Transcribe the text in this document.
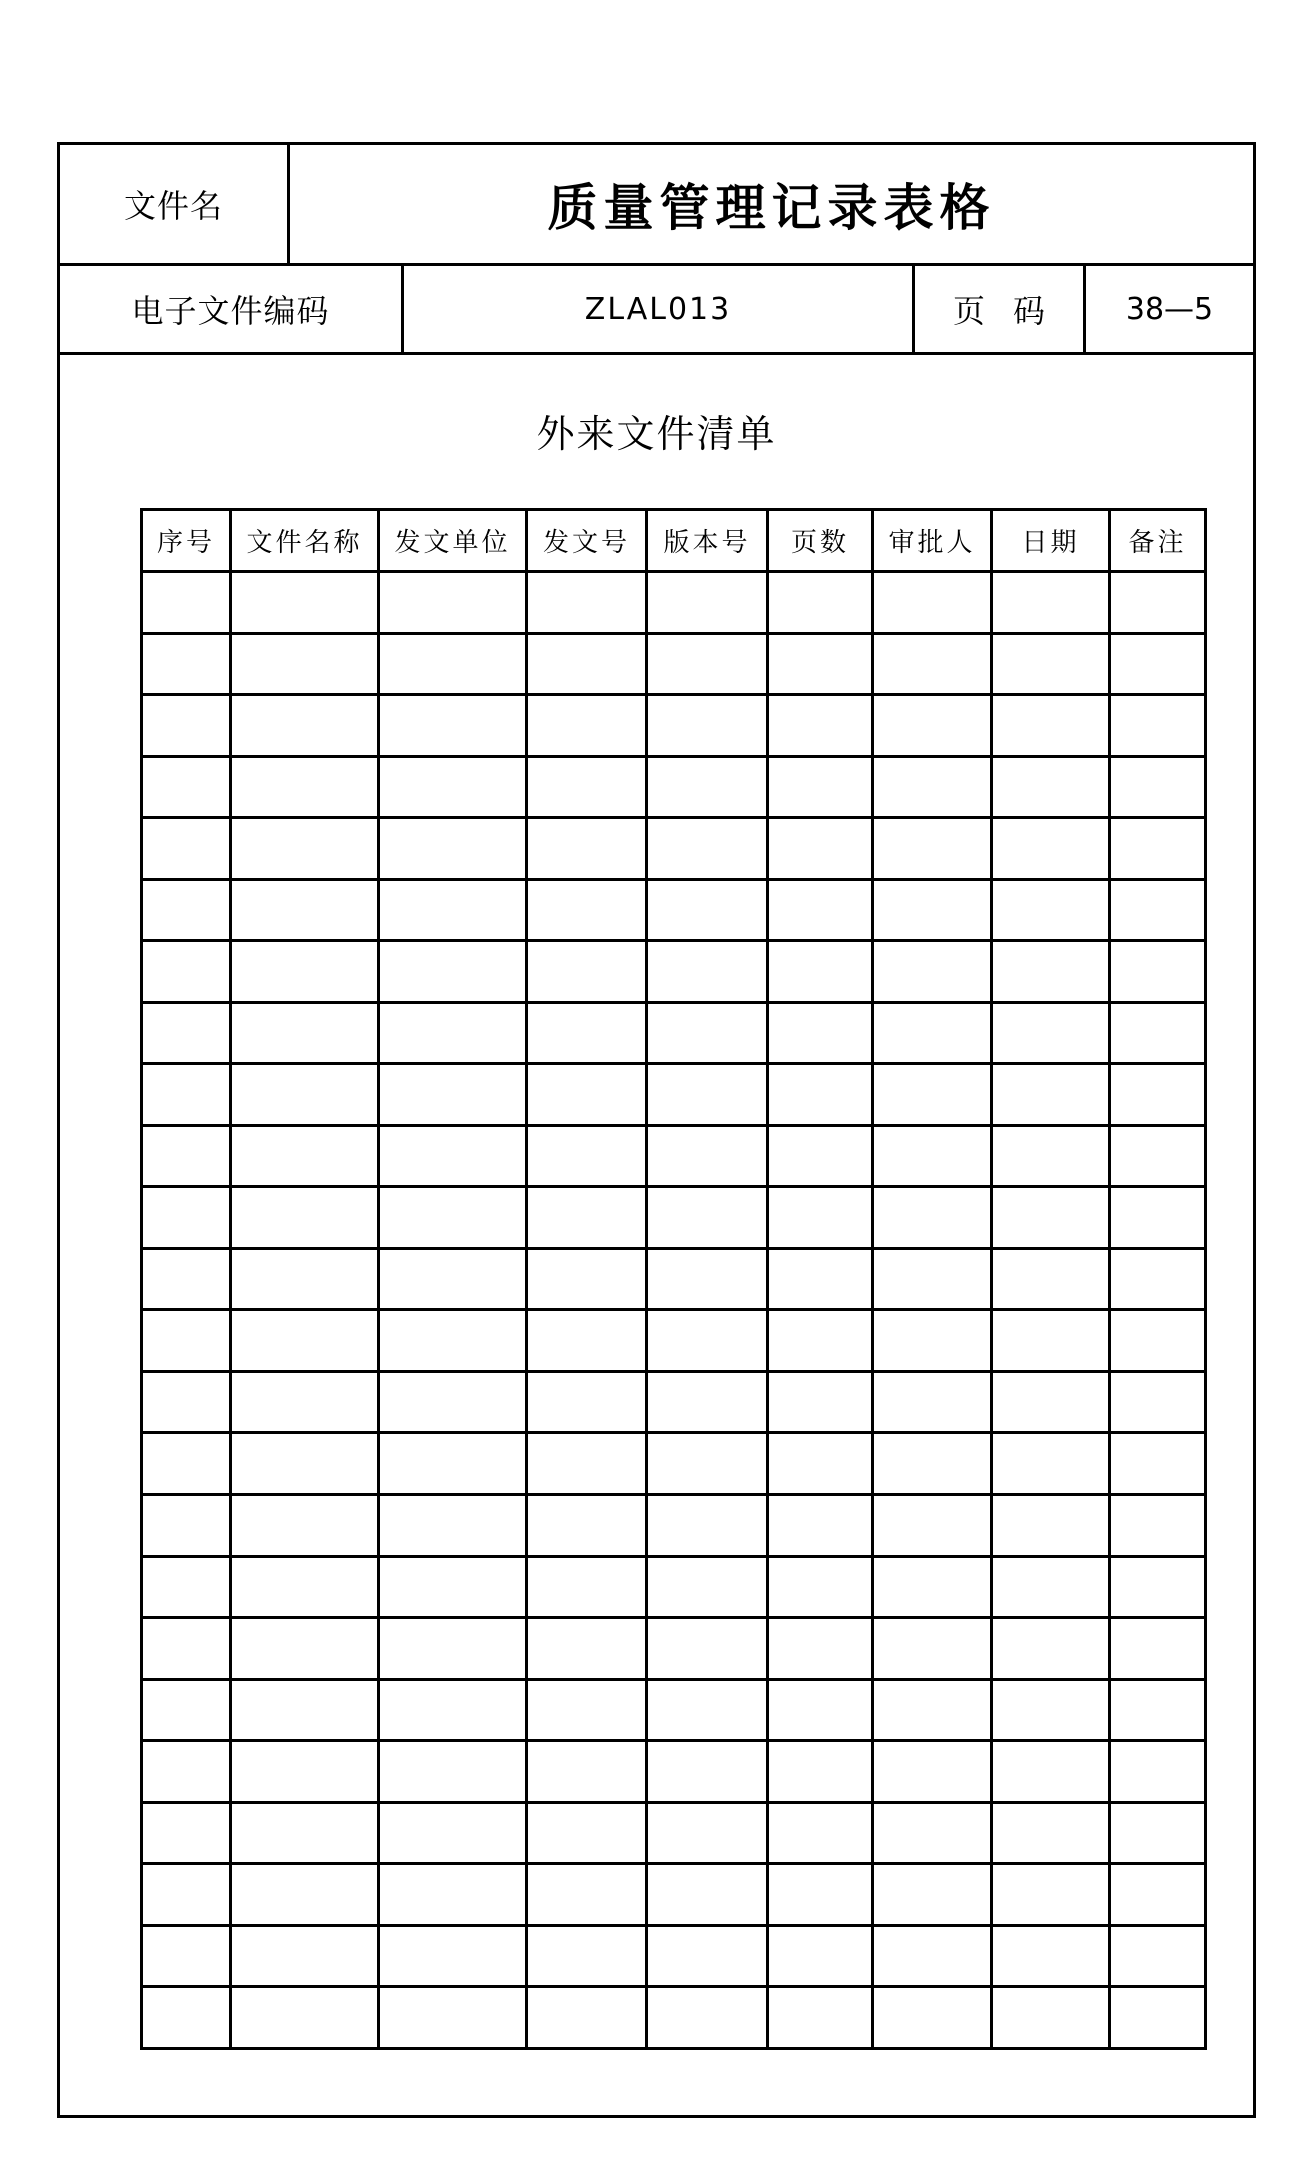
文件名	质量管理记录表格
电子文件编码	ZLAL013	页码 38—5
外来文件清单
序号	文件名称	发文单位	发文号	版本号	页数	审批人	日期	备注
